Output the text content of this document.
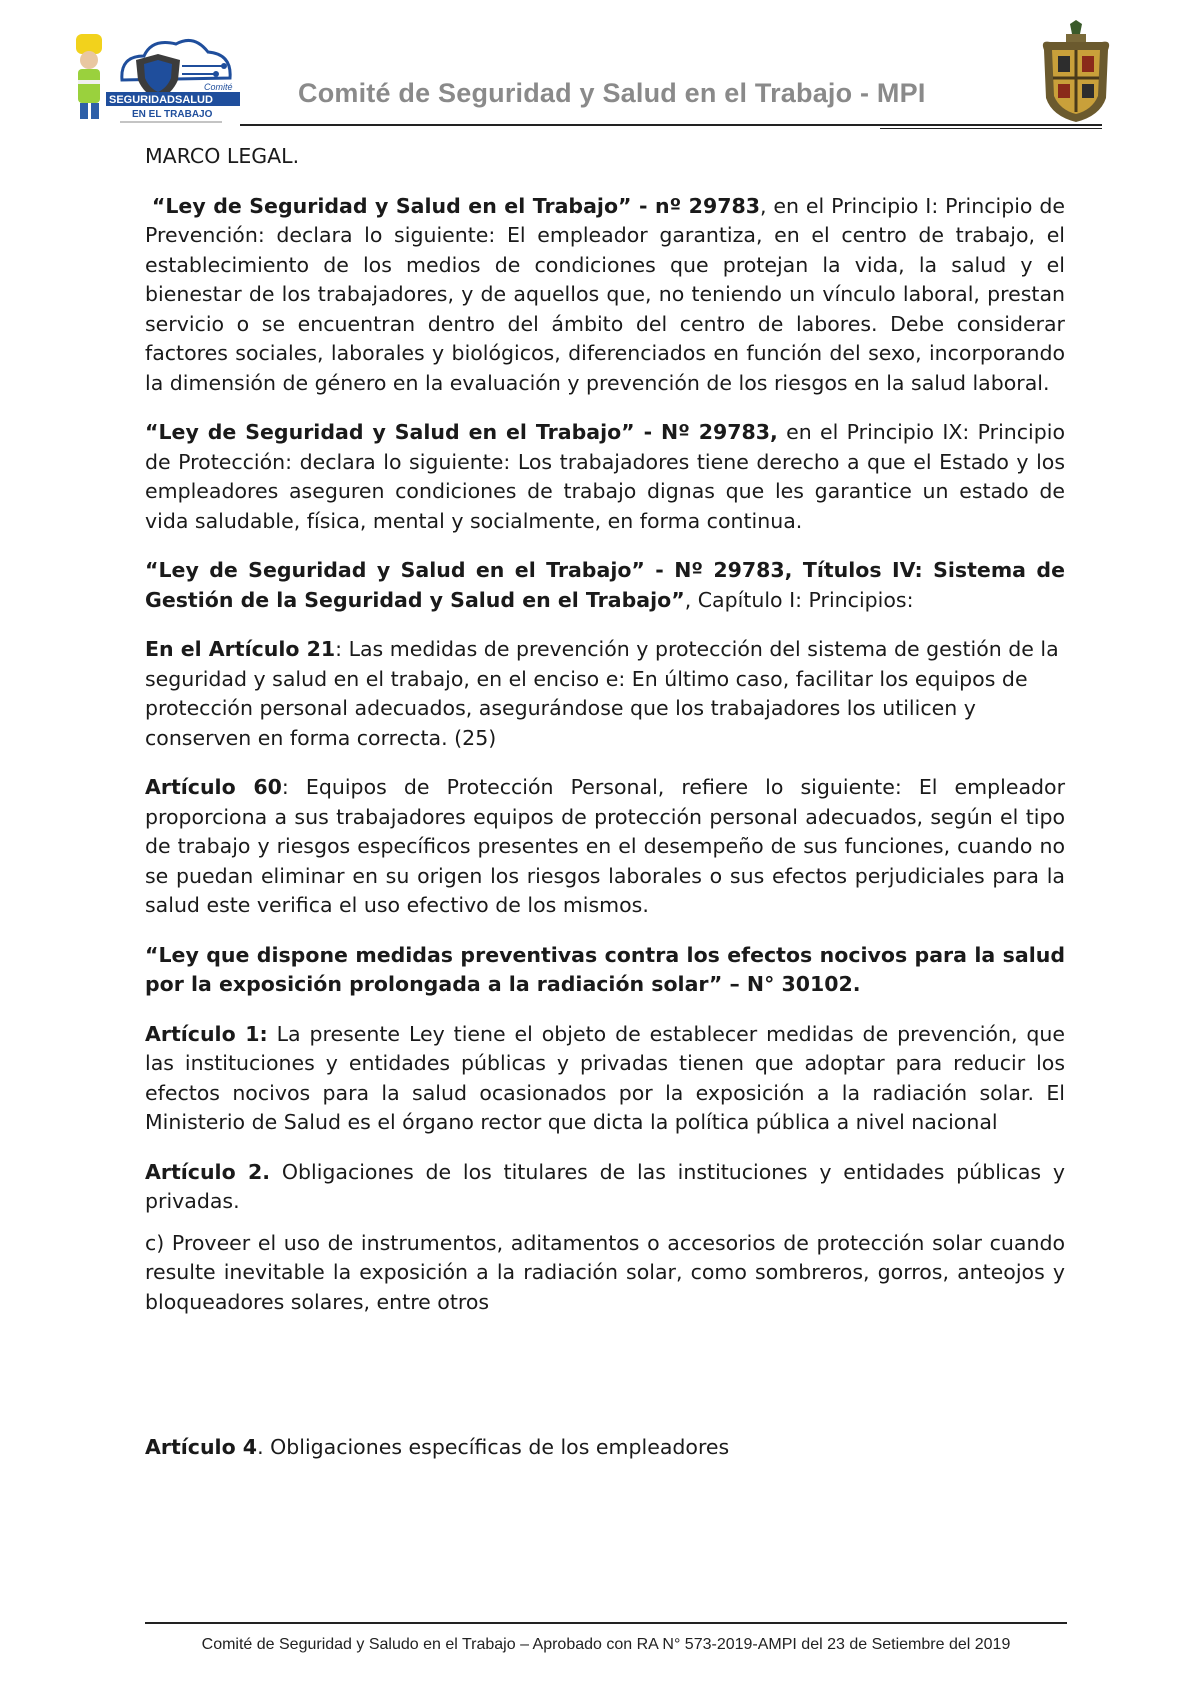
Comité
SEGURIDADSALUD
EN EL TRABAJO
Comité de Seguridad y Salud en el Trabajo - MPI

MARCO LEGAL.

“Ley de Seguridad y Salud en el Trabajo” - nº 29783, en el Principio I: Principio de Prevención: declara lo siguiente: El empleador garantiza, en el centro de trabajo, el establecimiento de los medios de condiciones que protejan la vida, la salud y el bienestar de los trabajadores, y de aquellos que, no teniendo un vínculo laboral, prestan servicio o se encuentran dentro del ámbito del centro de labores. Debe considerar factores sociales, laborales y biológicos, diferenciados en función del sexo, incorporando la dimensión de género en la evaluación y prevención de los riesgos en la salud laboral.

“Ley de Seguridad y Salud en el Trabajo” - Nº 29783, en el Principio IX: Principio de Protección: declara lo siguiente: Los trabajadores tiene derecho a que el Estado y los empleadores aseguren condiciones de trabajo dignas que les garantice un estado de vida saludable, física, mental y socialmente, en forma continua.

“Ley de Seguridad y Salud en el Trabajo” - Nº 29783, Títulos IV: Sistema de Gestión de la Seguridad y Salud en el Trabajo”, Capítulo I: Principios:

En el Artículo 21: Las medidas de prevención y protección del sistema de gestión de la seguridad y salud en el trabajo, en el enciso e: En último caso, facilitar los equipos de protección personal adecuados, asegurándose que los trabajadores los utilicen y conserven en forma correcta. (25)

Artículo 60: Equipos de Protección Personal, refiere lo siguiente: El empleador proporciona a sus trabajadores equipos de protección personal adecuados, según el tipo de trabajo y riesgos específicos presentes en el desempeño de sus funciones, cuando no se puedan eliminar en su origen los riesgos laborales o sus efectos perjudiciales para la salud este verifica el uso efectivo de los mismos.

“Ley que dispone medidas preventivas contra los efectos nocivos para la salud por la exposición prolongada a la radiación solar” – N° 30102.

Artículo 1: La presente Ley tiene el objeto de establecer medidas de prevención, que las instituciones y entidades públicas y privadas tienen que adoptar para reducir los efectos nocivos para la salud ocasionados por la exposición a la radiación solar. El Ministerio de Salud es el órgano rector que dicta la política pública a nivel nacional

Artículo 2. Obligaciones de los titulares de las instituciones y entidades públicas y privadas.

c) Proveer el uso de instrumentos, aditamentos o accesorios de protección solar cuando resulte inevitable la exposición a la radiación solar, como sombreros, gorros, anteojos y bloqueadores solares, entre otros

Artículo 4. Obligaciones específicas de los empleadores

Comité de Seguridad y Saludo en el Trabajo – Aprobado con RA N° 573-2019-AMPI del 23 de Setiembre del 2019
